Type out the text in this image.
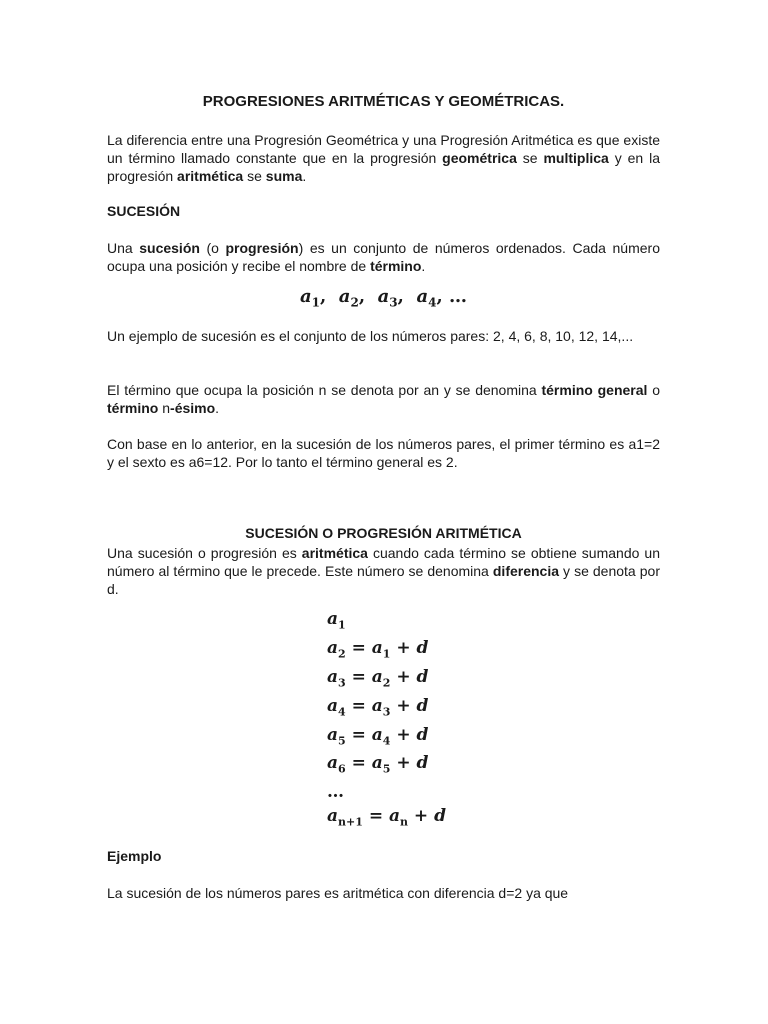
PROGRESIONES ARITMÉTICAS Y GEOMÉTRICAS.

La diferencia entre una Progresión Geométrica y una Progresión Aritmética es que existe un término llamado constante que en la progresión geométrica se multiplica y en la progresión aritmética se suma.

SUCESIÓN

Una sucesión (o progresión) es un conjunto de números ordenados. Cada número ocupa una posición y recibe el nombre de término.

$a_1$,  $a_2$,  $a_3$,  $a_4$, …

Un ejemplo de sucesión es el conjunto de los números pares: 2, 4, 6, 8, 10, 12, 14,...

El término que ocupa la posición n se denota por an y se denomina término general o término n-ésimo.

Con base en lo anterior, en la sucesión de los números pares, el primer término es a1=2 y el sexto es a6=12. Por lo tanto el término general es 2.

SUCESIÓN O PROGRESIÓN ARITMÉTICA

Una sucesión o progresión es aritmética cuando cada término se obtiene sumando un número al término que le precede. Este número se denomina diferencia y se denota por d.

$a_1$
$a_2 = a_1 + d$
$a_3 = a_2 + d$
$a_4 = a_3 + d$
$a_5 = a_4 + d$
$a_6 = a_5 + d$
…
$a_{n+1} = a_n + d$
Ejemplo

La sucesión de los números pares es aritmética con diferencia d=2 ya que
